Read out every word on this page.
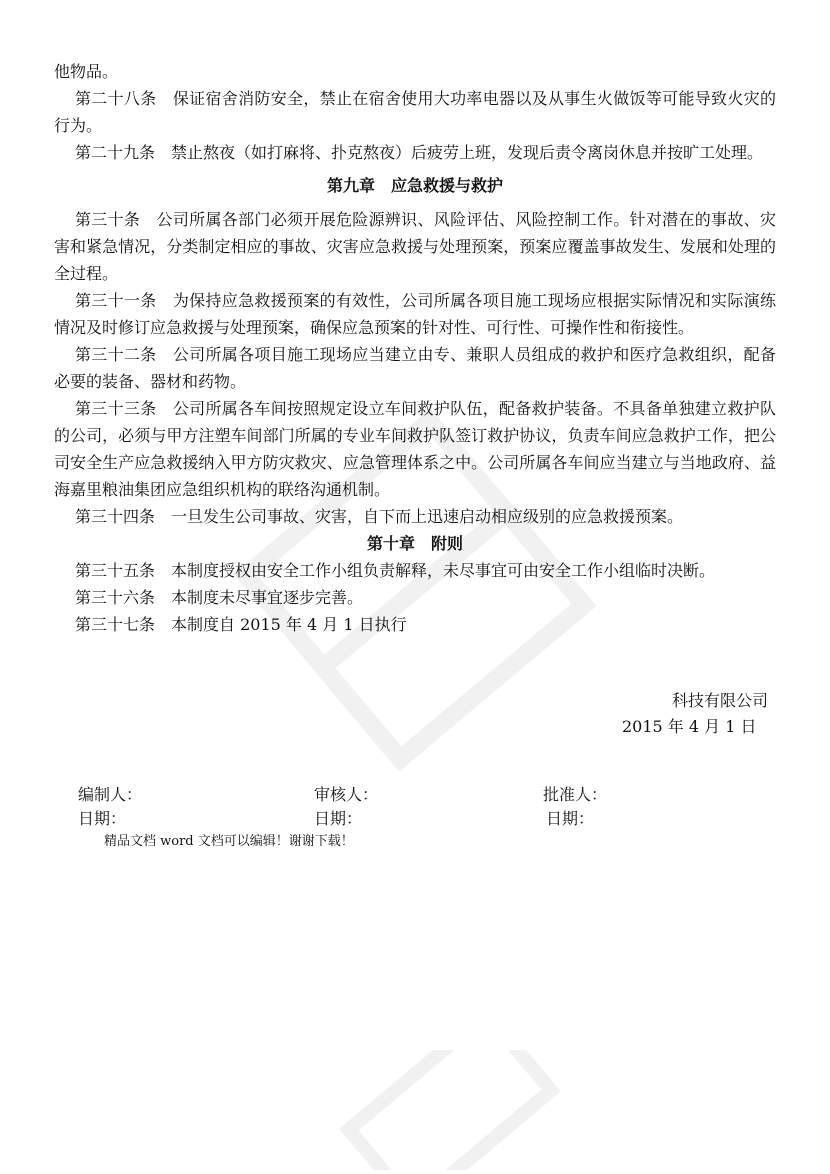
他物品。

第二十八条　保证宿舍消防安全，禁止在宿舍使用大功率电器以及从事生火做饭等可能导致火灾的行为。

第二十九条　禁止熬夜（如打麻将、扑克熬夜）后疲劳上班，发现后责令离岗休息并按旷工处理。

第九章　应急救援与救护

第三十条　公司所属各部门必须开展危险源辨识、风险评估、风险控制工作。针对潜在的事故、灾害和紧急情况，分类制定相应的事故、灾害应急救援与处理预案，预案应覆盖事故发生、发展和处理的全过程。

第三十一条　为保持应急救援预案的有效性，公司所属各项目施工现场应根据实际情况和实际演练情况及时修订应急救援与处理预案，确保应急预案的针对性、可行性、可操作性和衔接性。

第三十二条　公司所属各项目施工现场应当建立由专、兼职人员组成的救护和医疗急救组织，配备必要的装备、器材和药物。

第三十三条　公司所属各车间按照规定设立车间救护队伍，配备救护装备。不具备单独建立救护队的公司，必须与甲方注塑车间部门所属的专业车间救护队签订救护协议，负责车间应急救护工作，把公司安全生产应急救援纳入甲方防灾救灾、应急管理体系之中。公司所属各车间应当建立与当地政府、益海嘉里粮油集团应急组织机构的联络沟通机制。

第三十四条　一旦发生公司事故、灾害，自下而上迅速启动相应级别的应急救援预案。

第十章　附则

第三十五条　本制度授权由安全工作小组负责解释，未尽事宜可由安全工作小组临时决断。

第三十六条　本制度未尽事宜逐步完善。

第三十七条　本制度自 2015 年 4 月 1 日执行

科技有限公司
2015 年 4 月 1 日
编制人：	审核人：	批准人：
日期：	日期：	日期：
精品文档 word 文档可以编辑！谢谢下载！
